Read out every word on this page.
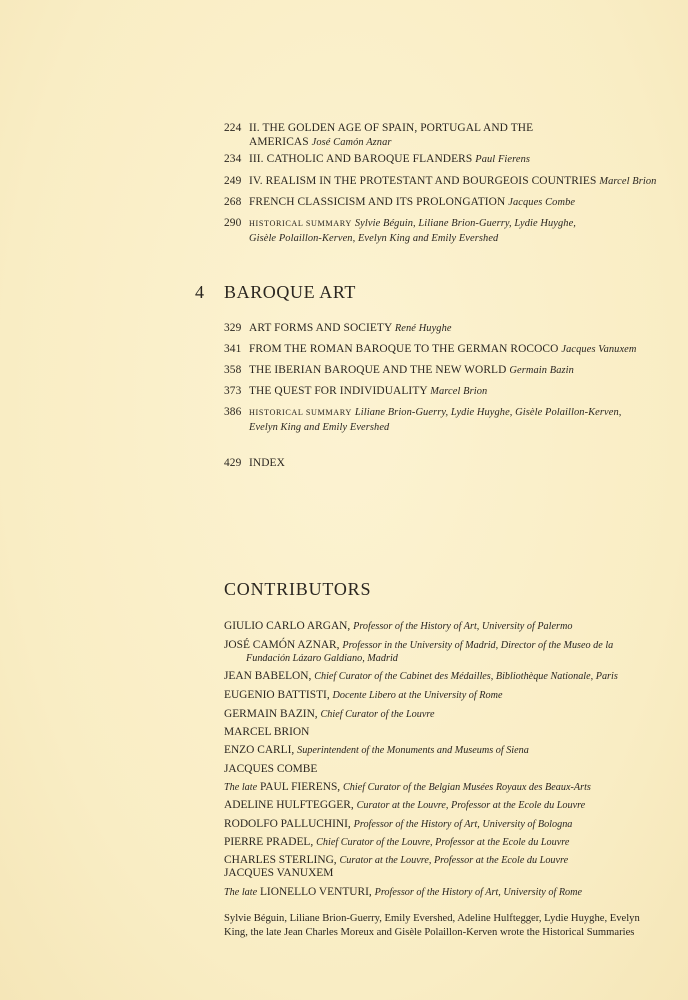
224 II. THE GOLDEN AGE OF SPAIN, PORTUGAL AND THE
AMERICAS José Camón Aznar
234 III. CATHOLIC AND BAROQUE FLANDERS Paul Fierens
249 IV. REALISM IN THE PROTESTANT AND BOURGEOIS COUNTRIES Marcel Brion
268 FRENCH CLASSICISM AND ITS PROLONGATION Jacques Combe
290 HISTORICAL SUMMARY Sylvie Béguin, Liliane Brion-Guerry, Lydie Huyghe,
Gisèle Polaillon-Kerven, Evelyn King and Emily Evershed
4 BAROQUE ART
329 ART FORMS AND SOCIETY René Huyghe
341 FROM THE ROMAN BAROQUE TO THE GERMAN ROCOCO Jacques Vanuxem
358 THE IBERIAN BAROQUE AND THE NEW WORLD Germain Bazin
373 THE QUEST FOR INDIVIDUALITY Marcel Brion
386 HISTORICAL SUMMARY Liliane Brion-Guerry, Lydie Huyghe, Gisèle Polaillon-Kerven,
Evelyn King and Emily Evershed
429 INDEX
CONTRIBUTORS
GIULIO CARLO ARGAN, Professor of the History of Art, University of Palermo
JOSÉ CAMÓN AZNAR, Professor in the University of Madrid, Director of the Museo de la
Fundación Lázaro Galdiano, Madrid
JEAN BABELON, Chief Curator of the Cabinet des Médailles, Bibliothèque Nationale, Paris
EUGENIO BATTISTI, Docente Libero at the University of Rome
GERMAIN BAZIN, Chief Curator of the Louvre
MARCEL BRION
ENZO CARLI, Superintendent of the Monuments and Museums of Siena
JACQUES COMBE
The late PAUL FIERENS, Chief Curator of the Belgian Musées Royaux des Beaux-Arts
ADELINE HULFTEGGER, Curator at the Louvre, Professor at the Ecole du Louvre
RODOLFO PALLUCHINI, Professor of the History of Art, University of Bologna
PIERRE PRADEL, Chief Curator of the Louvre, Professor at the Ecole du Louvre
CHARLES STERLING, Curator at the Louvre, Professor at the Ecole du Louvre
JACQUES VANUXEM
The late LIONELLO VENTURI, Professor of the History of Art, University of Rome
Sylvie Béguin, Liliane Brion-Guerry, Emily Evershed, Adeline Hulftegger, Lydie Huyghe, Evelyn King, the late Jean Charles Moreux and Gisèle Polaillon-Kerven wrote the Historical Summaries
